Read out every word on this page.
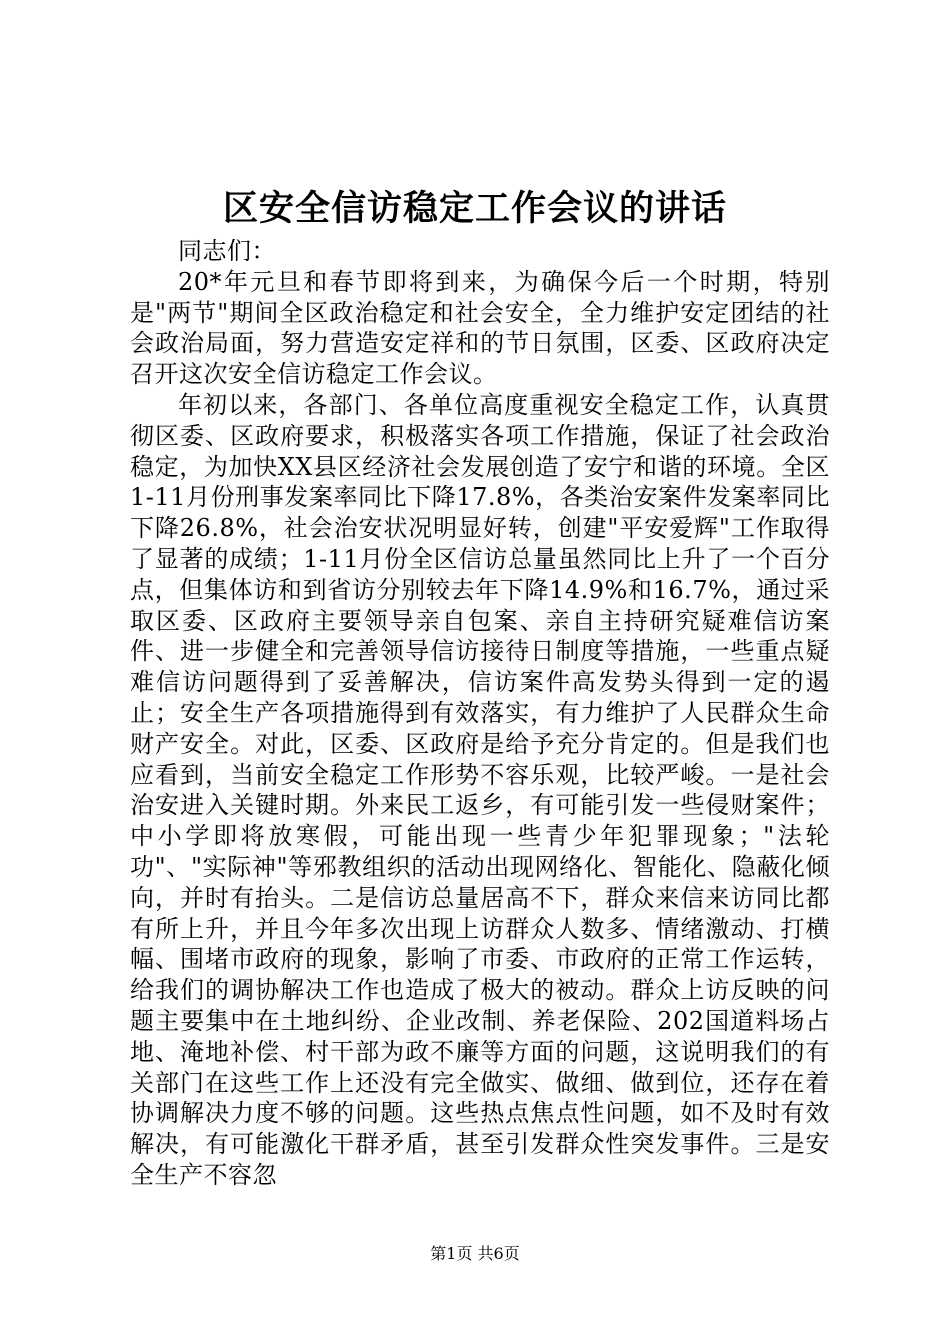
区安全信访稳定工作会议的讲话

同志们：

20*年元旦和春节即将到来，为确保今后一个时期，特别是"两节"期间全区政治稳定和社会安全，全力维护安定团结的社会政治局面，努力营造安定祥和的节日氛围，区委、区政府决定召开这次安全信访稳定工作会议。

年初以来，各部门、各单位高度重视安全稳定工作，认真贯彻区委、区政府要求，积极落实各项工作措施，保证了社会政治稳定，为加快XX县区经济社会发展创造了安宁和谐的环境。全区1-11月份刑事发案率同比下降17.8%，各类治安案件发案率同比下降26.8%，社会治安状况明显好转，创建"平安爱辉"工作取得了显著的成绩；1-11月份全区信访总量虽然同比上升了一个百分点，但集体访和到省访分别较去年下降14.9%和16.7%，通过采取区委、区政府主要领导亲自包案、亲自主持研究疑难信访案件、进一步健全和完善领导信访接待日制度等措施，一些重点疑难信访问题得到了妥善解决，信访案件高发势头得到一定的遏止；安全生产各项措施得到有效落实，有力维护了人民群众生命财产安全。对此，区委、区政府是给予充分肯定的。但是我们也应看到，当前安全稳定工作形势不容乐观，比较严峻。一是社会治安进入关键时期。外来民工返乡，有可能引发一些侵财案件；中小学即将放寒假，可能出现一些青少年犯罪现象；"法轮功"、"实际神"等邪教组织的活动出现网络化、智能化、隐蔽化倾向，并时有抬头。二是信访总量居高不下，群众来信来访同比都有所上升，并且今年多次出现上访群众人数多、情绪激动、打横幅、围堵市政府的现象，影响了市委、市政府的正常工作运转，给我们的调协解决工作也造成了极大的被动。群众上访反映的问题主要集中在土地纠纷、企业改制、养老保险、202国道料场占地、淹地补偿、村干部为政不廉等方面的问题，这说明我们的有关部门在这些工作上还没有完全做实、做细、做到位，还存在着协调解决力度不够的问题。这些热点焦点性问题，如不及时有效解决，有可能激化干群矛盾，甚至引发群众性突发事件。三是安全生产不容忽

第1页 共6页
